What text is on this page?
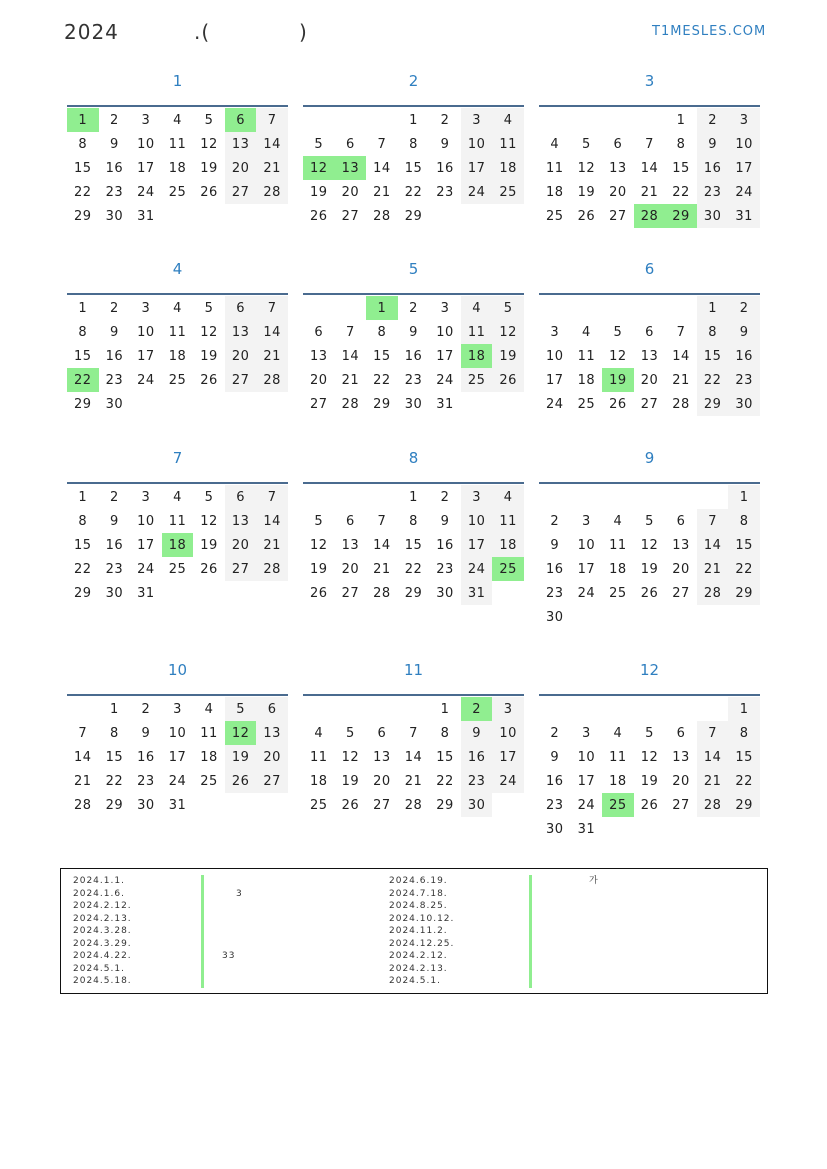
2024	.(	)	T1MESLES.COM
1
1	2	3	4	5	6	7
8	9	10	11	12	13	14
15	16	17	18	19	20	21
22	23	24	25	26	27	28
29	30	31				
2
			1	2	3	4
5	6	7	8	9	10	11
12	13	14	15	16	17	18
19	20	21	22	23	24	25
26	27	28	29			
3
				1	2	3
4	5	6	7	8	9	10
11	12	13	14	15	16	17
18	19	20	21	22	23	24
25	26	27	28	29	30	31
4
1	2	3	4	5	6	7
8	9	10	11	12	13	14
15	16	17	18	19	20	21
22	23	24	25	26	27	28
29	30					
5
		1	2	3	4	5
6	7	8	9	10	11	12
13	14	15	16	17	18	19
20	21	22	23	24	25	26
27	28	29	30	31		
6
					1	2
3	4	5	6	7	8	9
10	11	12	13	14	15	16
17	18	19	20	21	22	23
24	25	26	27	28	29	30
7
1	2	3	4	5	6	7
8	9	10	11	12	13	14
15	16	17	18	19	20	21
22	23	24	25	26	27	28
29	30	31				
8
			1	2	3	4
5	6	7	8	9	10	11
12	13	14	15	16	17	18
19	20	21	22	23	24	25
26	27	28	29	30	31	
9
						1
2	3	4	5	6	7	8
9	10	11	12	13	14	15
16	17	18	19	20	21	22
23	24	25	26	27	28	29
30						
10
	1	2	3	4	5	6
7	8	9	10	11	12	13
14	15	16	17	18	19	20
21	22	23	24	25	26	27
28	29	30	31			
11
				1	2	3
4	5	6	7	8	9	10
11	12	13	14	15	16	17
18	19	20	21	22	23	24
25	26	27	28	29	30	
12
						1
2	3	4	5	6	7	8
9	10	11	12	13	14	15
16	17	18	19	20	21	22
23	24	25	26	27	28	29
30	31					
2024.1.1.
2024.1.6.	3
2024.2.12.
2024.2.13.
2024.3.28.
2024.3.29.
2024.4.22.	33
2024.5.1.
2024.5.18.
2024.6.19.	가
2024.7.18.
2024.8.25.
2024.10.12.
2024.11.2.
2024.12.25.
2024.2.12.
2024.2.13.
2024.5.1.
